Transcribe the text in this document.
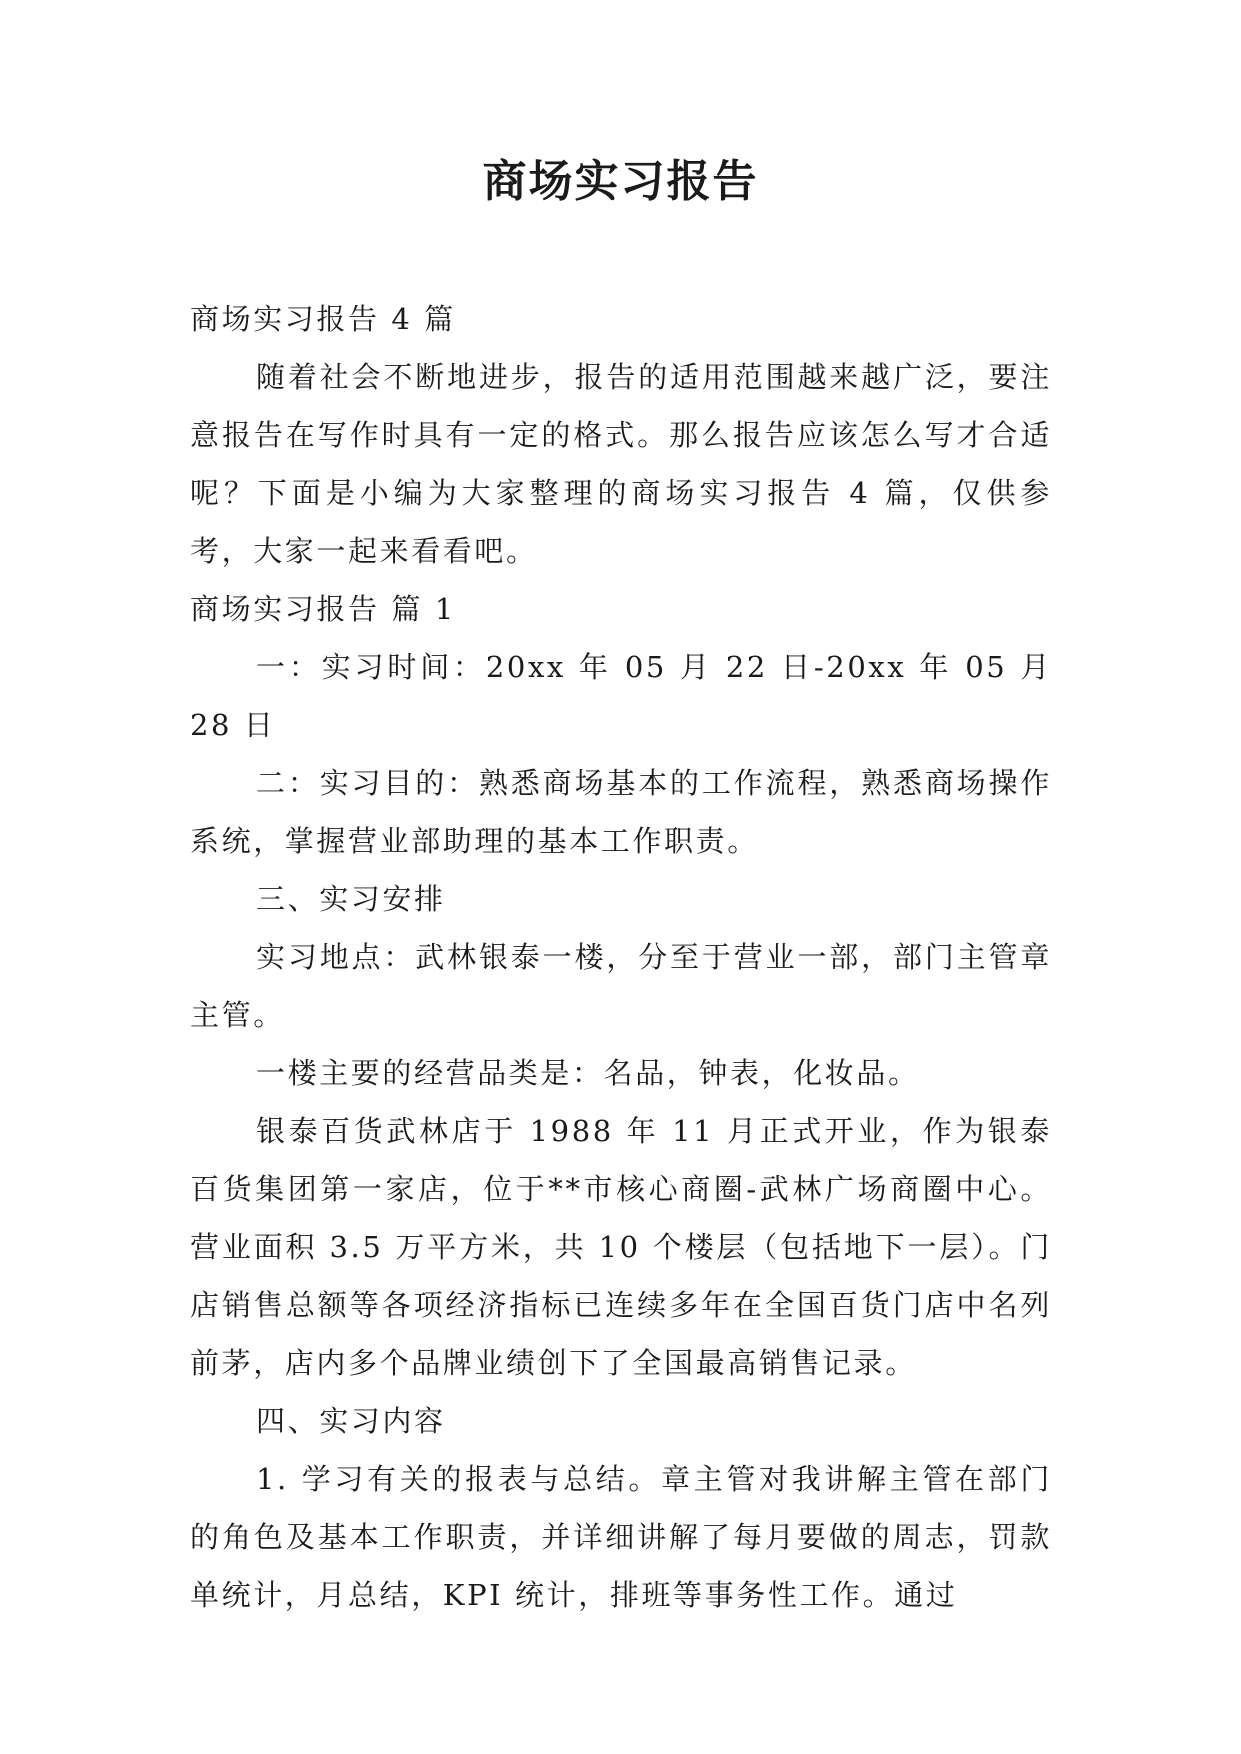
商场实习报告

商场实习报告 4 篇

随着社会不断地进步，报告的适用范围越来越广泛，要注意报告在写作时具有一定的格式。那么报告应该怎么写才合适呢？下面是小编为大家整理的商场实习报告 4 篇，仅供参考，大家一起来看看吧。

商场实习报告 篇 1

一：实习时间：20xx 年 05 月 22 日-20xx 年 05 月 28 日

二：实习目的：熟悉商场基本的工作流程，熟悉商场操作系统，掌握营业部助理的基本工作职责。

三、实习安排

实习地点：武林银泰一楼，分至于营业一部，部门主管章主管。

一楼主要的经营品类是：名品，钟表，化妆品。

银泰百货武林店于 1988 年 11 月正式开业，作为银泰百货集团第一家店，位于**市核心商圈-武林广场商圈中心。营业面积 3.5 万平方米，共 10 个楼层（包括地下一层）。门店销售总额等各项经济指标已连续多年在全国百货门店中名列前茅，店内多个品牌业绩创下了全国最高销售记录。

四、实习内容

1. 学习有关的报表与总结。章主管对我讲解主管在部门的角色及基本工作职责，并详细讲解了每月要做的周志，罚款单统计，月总结，KPI 统计，排班等事务性工作。通过
